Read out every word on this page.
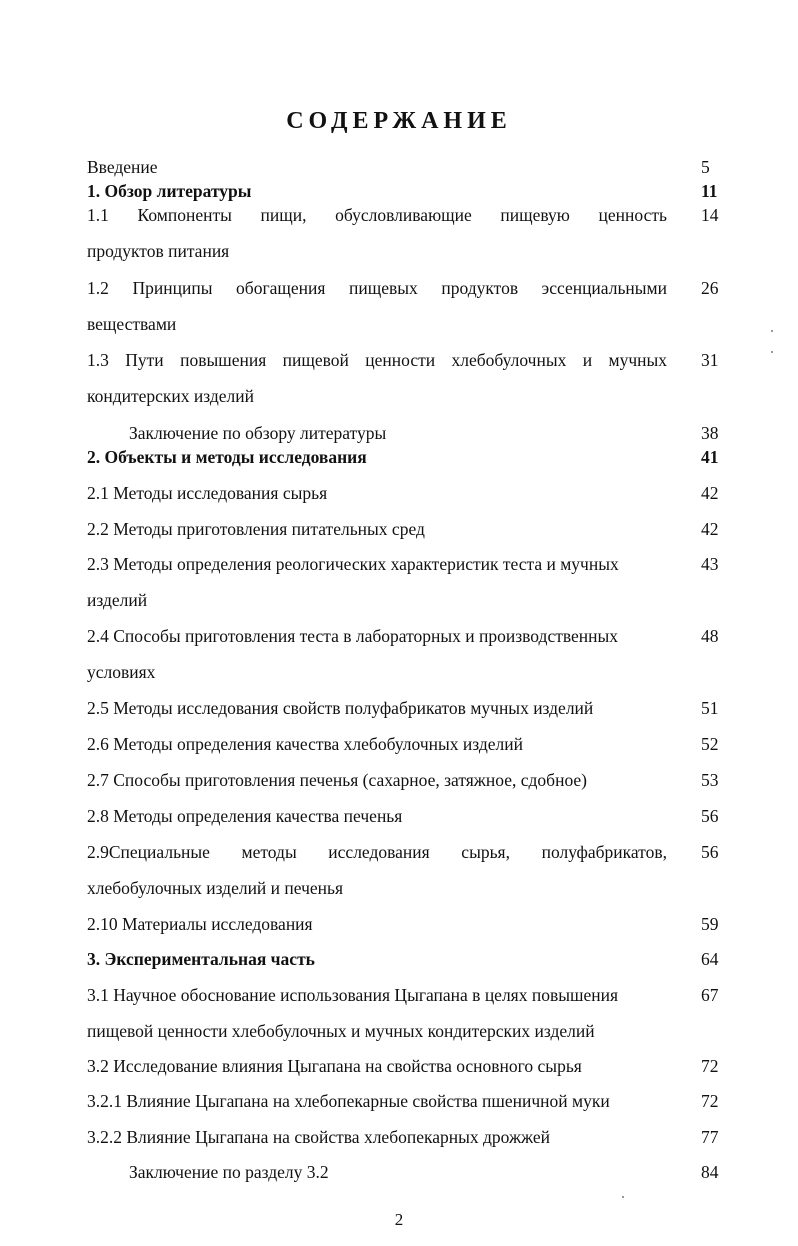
СОДЕРЖАНИЕ
Введение	5
1. Обзор литературы	11
1.1 Компоненты пищи, обусловливающие пищевую ценность 14
продуктов питания
1.2 Принципы обогащения пищевых продуктов эссенциальными 26
веществами
1.3 Пути повышения пищевой ценности хлебобулочных и мучных 31
кондитерских изделий
Заключение по обзору литературы	38
2. Объекты и методы исследования	41
2.1 Методы исследования сырья	42
2.2 Методы приготовления питательных сред	42
2.3 Методы определения реологических характеристик теста и мучных	43
изделий
2.4 Способы приготовления теста в лабораторных и производственных	48
условиях
2.5 Методы исследования свойств полуфабрикатов мучных изделий	51
2.6 Методы определения качества хлебобулочных изделий	52
2.7 Способы приготовления печенья (сахарное, затяжное, сдобное)	53
2.8 Методы определения качества печенья	56
2.9Специальные методы исследования сырья, полуфабрикатов, 56
хлебобулочных изделий и печенья
2.10 Материалы исследования	59
3. Экспериментальная часть	64
3.1 Научное обоснование использования Цыгапана в целях повышения	67
пищевой ценности хлебобулочных и мучных кондитерских изделий
3.2 Исследование влияния Цыгапана на свойства основного сырья	72
3.2.1 Влияние Цыгапана на хлебопекарные свойства пшеничной муки	72
3.2.2 Влияние Цыгапана на свойства хлебопекарных дрожжей	77
Заключение по разделу 3.2	84
2
